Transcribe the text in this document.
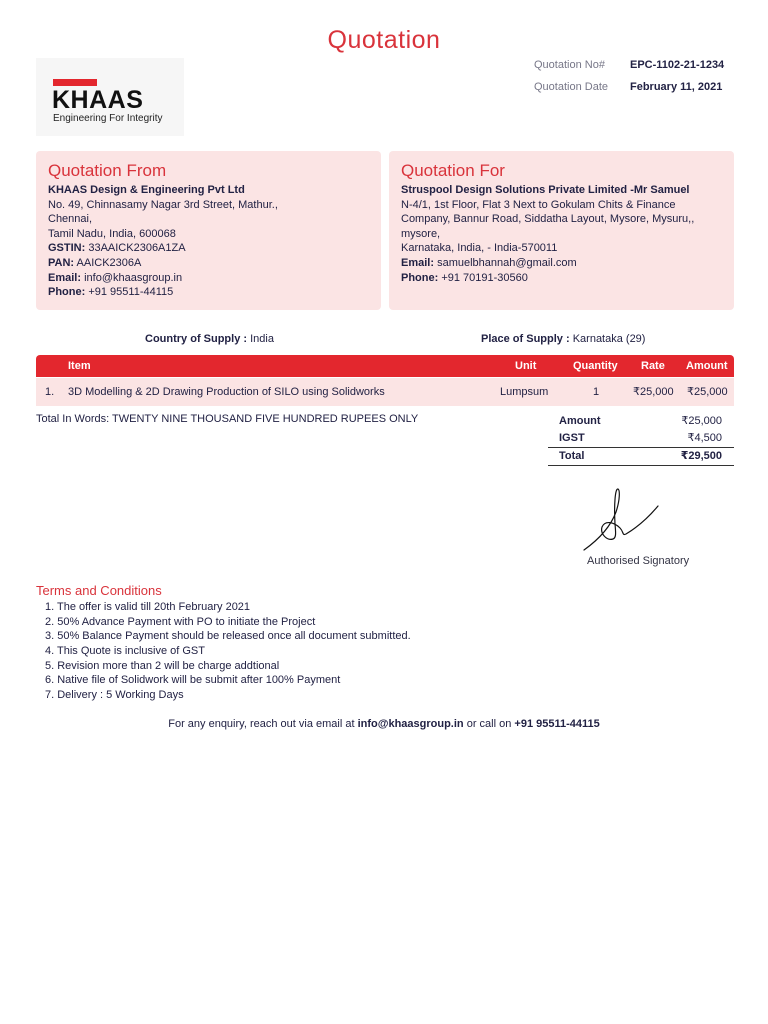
Quotation
KHAAS
Engineering For Integrity
Quotation No#	EPC-1102-21-1234
Quotation Date	February 11, 2021
Quotation From
KHAAS Design & Engineering Pvt Ltd
No. 49, Chinnasamy Nagar 3rd Street, Mathur.,
Chennai,
Tamil Nadu, India, 600068
GSTIN: 33AAICK2306A1ZA
PAN: AAICK2306A
Email: info@khaasgroup.in
Phone: +91 95511-44115
Quotation For
Struspool Design Solutions Private Limited -Mr Samuel
N-4/1, 1st Floor, Flat 3 Next to Gokulam Chits & Finance
Company, Bannur Road, Siddatha Layout, Mysore, Mysuru,,
mysore,
Karnataka, India, - India-570011
Email: samuelbhannah@gmail.com
Phone: +91 70191-30560
Country of Supply : India	Place of Supply : Karnataka (29)
Item	Unit	Quantity Rate Amount
1. 3D Modelling & 2D Drawing Production of SILO using Solidworks	Lumpsum	1	₹25,000 ₹25,000
Total In Words: TWENTY NINE THOUSAND FIVE HUNDRED RUPEES ONLY	Amount	₹25,000
IGST	₹4,500
Total	₹29,500
Authorised Signatory
Terms and Conditions
1. The offer is valid till 20th February 2021
2. 50% Advance Payment with PO to initiate the Project
3. 50% Balance Payment should be released once all document submitted.
4. This Quote is inclusive of GST
5. Revision more than 2 will be charge addtional
6. Native file of Solidwork will be submit after 100% Payment
7. Delivery : 5 Working Days
For any enquiry, reach out via email at info@khaasgroup.in or call on +91 95511-44115
